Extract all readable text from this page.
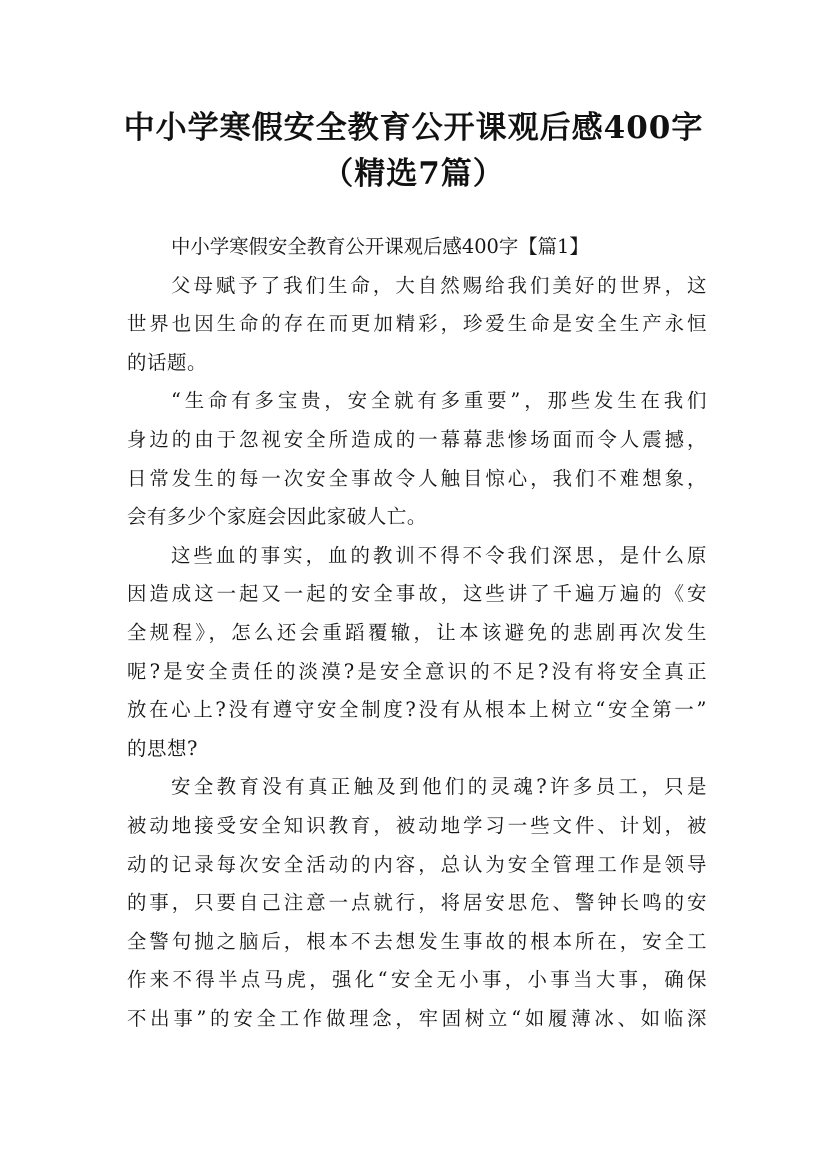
中小学寒假安全教育公开课观后感400字
（精选7篇）
中小学寒假安全教育公开课观后感400字【篇1】
父母赋予了我们生命，大自然赐给我们美好的世界，这
世界也因生命的存在而更加精彩，珍爱生命是安全生产永恒
的话题。
“生命有多宝贵，安全就有多重要”，那些发生在我们
身边的由于忽视安全所造成的一幕幕悲惨场面而令人震撼，
日常发生的每一次安全事故令人触目惊心，我们不难想象，
会有多少个家庭会因此家破人亡。
这些血的事实，血的教训不得不令我们深思，是什么原
因造成这一起又一起的安全事故，这些讲了千遍万遍的《安
全规程》，怎么还会重蹈覆辙，让本该避免的悲剧再次发生
呢?是安全责任的淡漠?是安全意识的不足?没有将安全真正
放在心上?没有遵守安全制度?没有从根本上树立“安全第一”
的思想?
安全教育没有真正触及到他们的灵魂?许多员工，只是
被动地接受安全知识教育，被动地学习一些文件、计划，被
动的记录每次安全活动的内容，总认为安全管理工作是领导
的事，只要自己注意一点就行，将居安思危、警钟长鸣的安
全警句抛之脑后，根本不去想发生事故的根本所在，安全工
作来不得半点马虎，强化“安全无小事，小事当大事，确保
不出事”的安全工作做理念，牢固树立“如履薄冰、如临深
